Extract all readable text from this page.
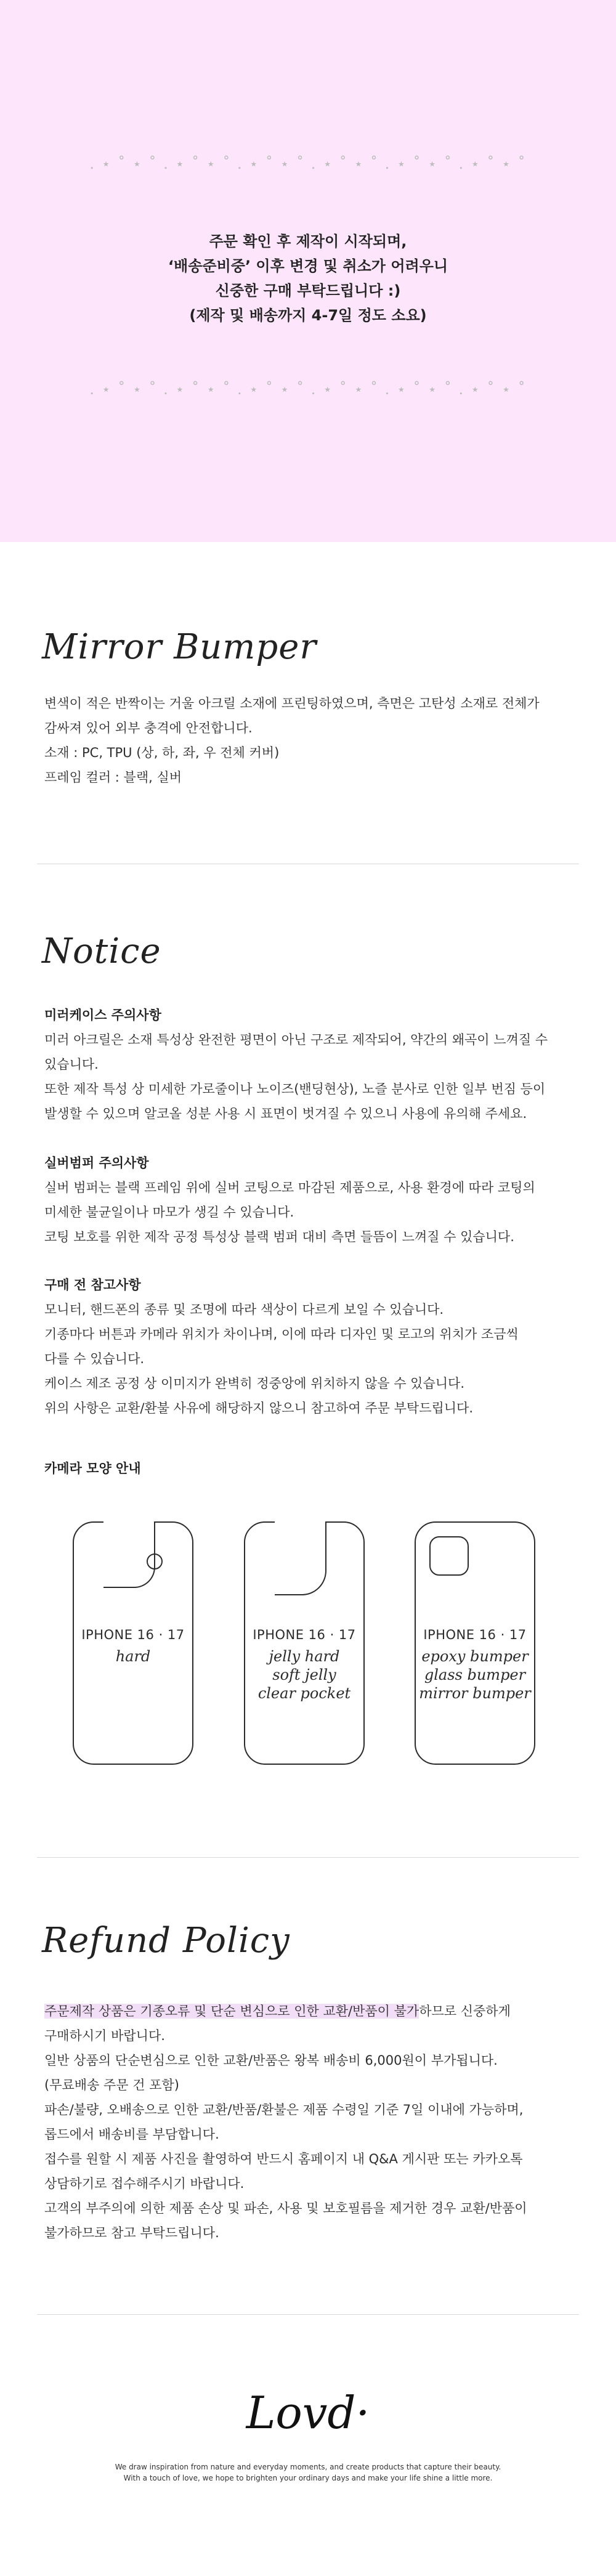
. ⋆ ˚ ⋆ ˚ . ⋆ ˚ ⋆ ˚ . ⋆ ˚ ⋆ ˚ . ⋆ ˚ ⋆ ˚ . ⋆ ˚ ⋆ ˚ . ⋆ ˚ ⋆ ˚
주문 확인 후 제작이 시작되며,
‘배송준비중’ 이후 변경 및 취소가 어려우니
신중한 구매 부탁드립니다 :)
(제작 및 배송까지 4-7일 정도 소요)
. ⋆ ˚ ⋆ ˚ . ⋆ ˚ ⋆ ˚ . ⋆ ˚ ⋆ ˚ . ⋆ ˚ ⋆ ˚ . ⋆ ˚ ⋆ ˚ . ⋆ ˚ ⋆ ˚
Mirror Bumper
변색이 적은 반짝이는 거울 아크릴 소재에 프린팅하였으며, 측면은 고탄성 소재로 전체가
감싸져 있어 외부 충격에 안전합니다.
소재 : PC, TPU (상, 하, 좌, 우 전체 커버)
프레임 컬러 : 블랙, 실버
Notice
미러케이스 주의사항
미러 아크릴은 소재 특성상 완전한 평면이 아닌 구조로 제작되어, 약간의 왜곡이 느껴질 수
있습니다.
또한 제작 특성 상 미세한 가로줄이나 노이즈(밴딩현상), 노즐 분사로 인한 일부 번짐 등이
발생할 수 있으며 알코올 성분 사용 시 표면이 벗겨질 수 있으니 사용에 유의해 주세요.
실버범퍼 주의사항
실버 범퍼는 블랙 프레임 위에 실버 코팅으로 마감된 제품으로, 사용 환경에 따라 코팅의
미세한 불균일이나 마모가 생길 수 있습니다.
코팅 보호를 위한 제작 공정 특성상 블랙 범퍼 대비 측면 들뜸이 느껴질 수 있습니다.
구매 전 참고사항
모니터, 핸드폰의 종류 및 조명에 따라 색상이 다르게 보일 수 있습니다.
기종마다 버튼과 카메라 위치가 차이나며, 이에 따라 디자인 및 로고의 위치가 조금씩
다를 수 있습니다.
케이스 제조 공정 상 이미지가 완벽히 정중앙에 위치하지 않을 수 있습니다.
위의 사항은 교환/환불 사유에 해당하지 않으니 참고하여 주문 부탁드립니다.
카메라 모양 안내
IPHONE 16 · 17
hard
IPHONE 16 · 17
jelly hard
soft jelly
clear pocket
IPHONE 16 · 17
epoxy bumper
glass bumper
mirror bumper
Refund Policy
주문제작 상품은 기종오류 및 단순 변심으로 인한 교환/반품이 불가하므로 신중하게
구매하시기 바랍니다.
일반 상품의 단순변심으로 인한 교환/반품은 왕복 배송비 6,000원이 부가됩니다.
(무료배송 주문 건 포함)
파손/불량, 오배송으로 인한 교환/반품/환불은 제품 수령일 기준 7일 이내에 가능하며,
롭드에서 배송비를 부담합니다.
접수를 원할 시 제품 사진을 촬영하여 반드시 홈페이지 내 Q&A 게시판 또는 카카오톡
상담하기로 접수해주시기 바랍니다.
고객의 부주의에 의한 제품 손상 및 파손, 사용 및 보호필름을 제거한 경우 교환/반품이
불가하므로 참고 부탁드립니다.
Lovd·
We draw inspiration from nature and everyday moments, and create products that capture their beauty.
With a touch of love, we hope to brighten your ordinary days and make your life shine a little more.
